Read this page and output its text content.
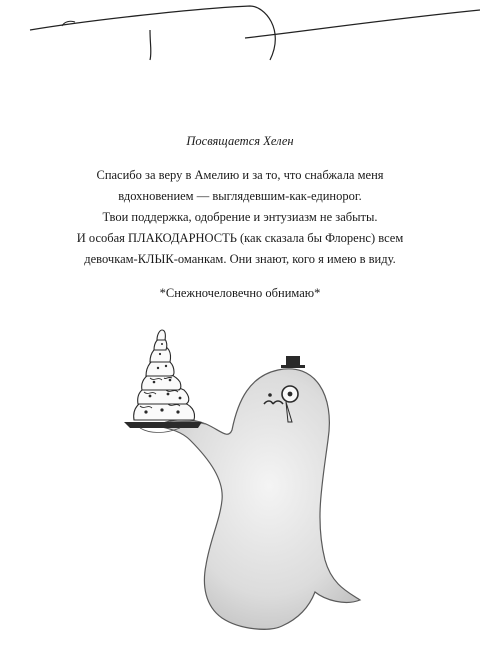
Посвящается Хелен
Спасибо за веру в Амелию и за то, что снабжала меня
вдохновением — выглядевшим-как-единорог.
Твои поддержка, одобрение и энтузиазм не забыты.
И особая ПЛАКОДАРНОСТЬ (как сказала бы Флоренс) всем
девочкам-КЛЫК-оманкам. Они знают, кого я имею в виду.
*Снежночеловечно обнимаю*
